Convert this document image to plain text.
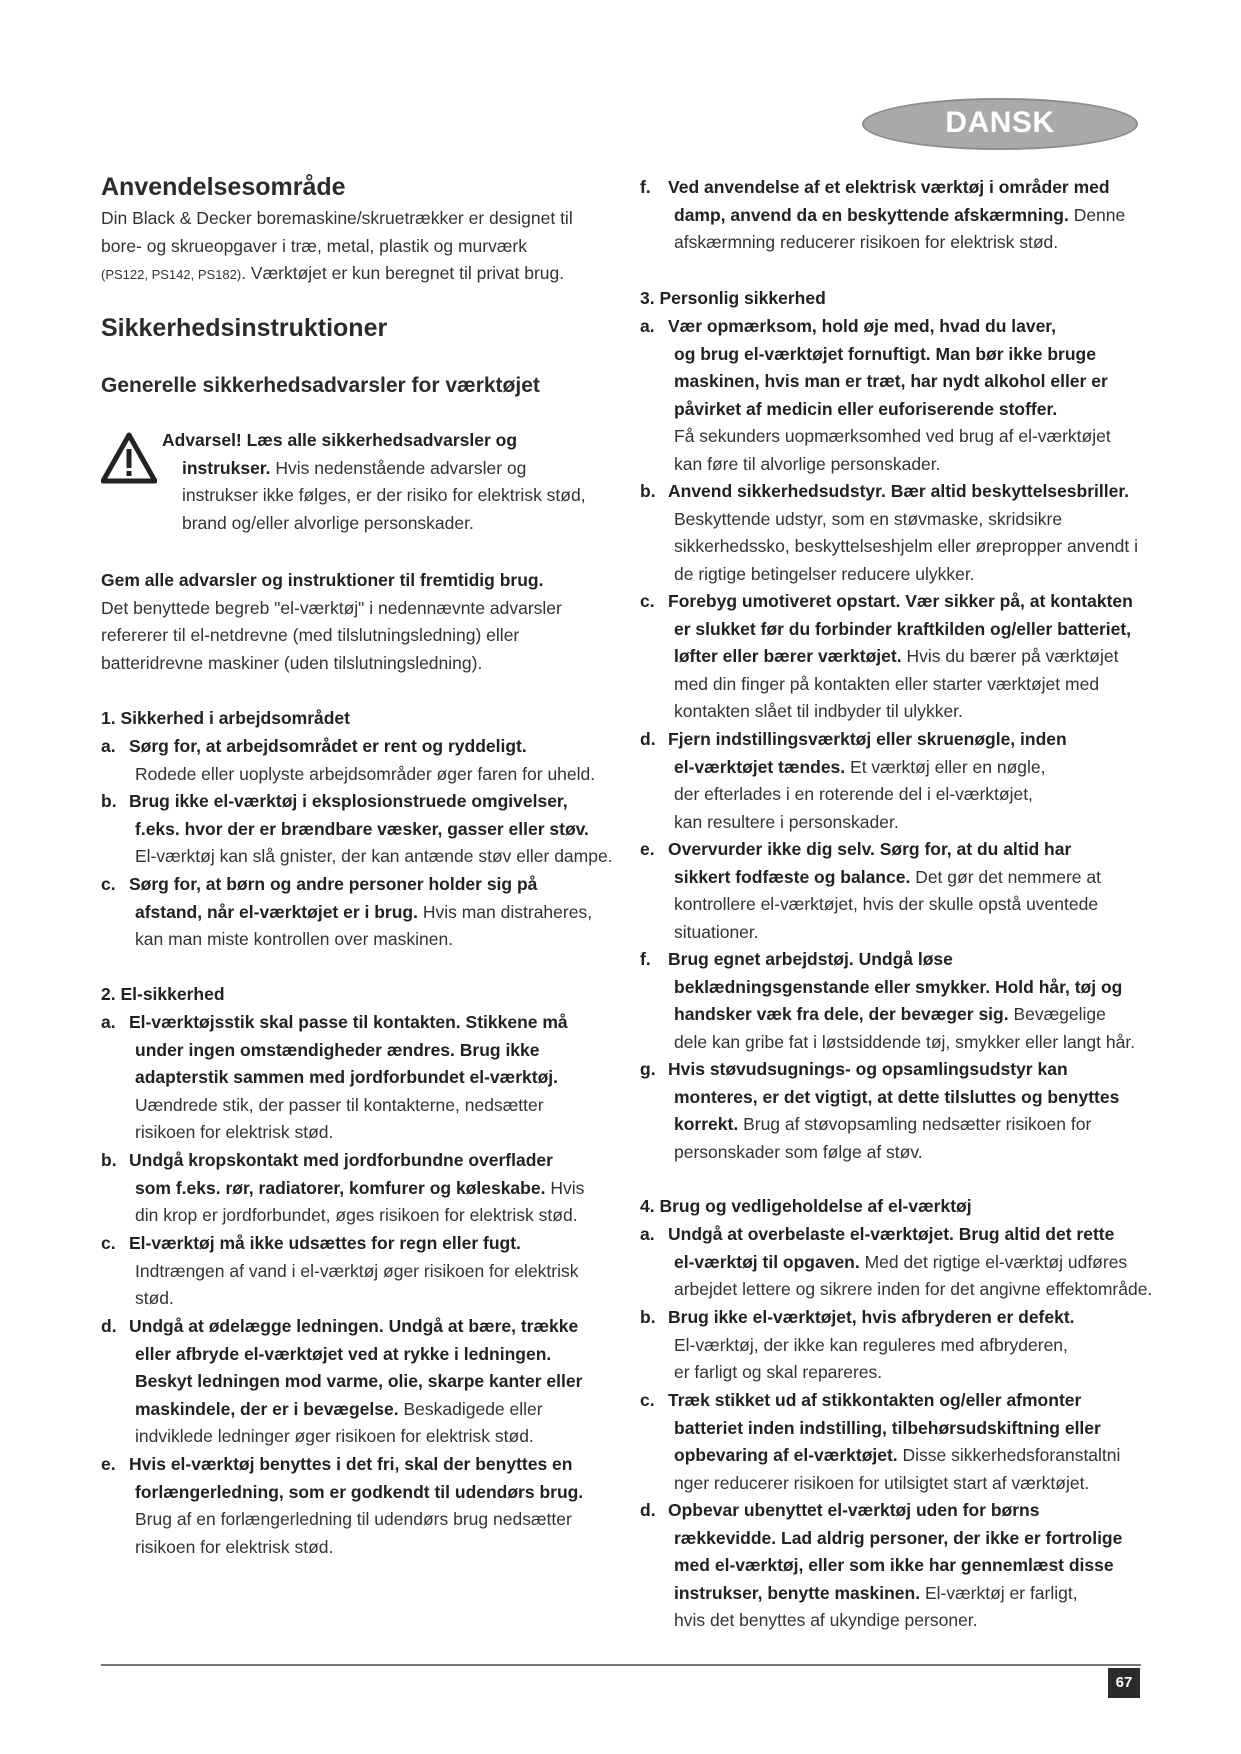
DANSK
Anvendelsesområde
Din Black & Decker boremaskine/skruetrækker er designet til
bore- og skrueopgaver i træ, metal, plastik og murværk
(PS122, PS142, PS182). Værktøjet er kun beregnet til privat brug.
Sikkerhedsinstruktioner
Generelle sikkerhedsadvarsler for værktøjet
Advarsel! Læs alle sikkerhedsadvarsler og
instrukser. Hvis nedenstående advarsler og
instrukser ikke følges, er der risiko for elektrisk stød,
brand og/eller alvorlige personskader.
Gem alle advarsler og instruktioner til fremtidig brug.
Det benyttede begreb "el-værktøj" i nedennævnte advarsler
refererer til el-netdrevne (med tilslutningsledning) eller
batteridrevne maskiner (uden tilslutningsledning).
1. Sikkerhed i arbejdsområdet
a. Sørg for, at arbejdsområdet er rent og ryddeligt.
Rodede eller uoplyste arbejdsområder øger faren for uheld.
b. Brug ikke el-værktøj i eksplosionstruede omgivelser,
f.eks. hvor der er brændbare væsker, gasser eller støv.
El-værktøj kan slå gnister, der kan antænde støv eller dampe.
c. Sørg for, at børn og andre personer holder sig på
afstand, når el-værktøjet er i brug. Hvis man distraheres,
kan man miste kontrollen over maskinen.
2. El-sikkerhed
a. El-værktøjsstik skal passe til kontakten. Stikkene må
under ingen omstændigheder ændres. Brug ikke
adapterstik sammen med jordforbundet el-værktøj.
Uændrede stik, der passer til kontakterne, nedsætter
risikoen for elektrisk stød.
b. Undgå kropskontakt med jordforbundne overflader
som f.eks. rør, radiatorer, komfurer og køleskabe. Hvis
din krop er jordforbundet, øges risikoen for elektrisk stød.
c. El-værktøj må ikke udsættes for regn eller fugt.
Indtrængen af vand i el-værktøj øger risikoen for elektrisk
stød.
d. Undgå at ødelægge ledningen. Undgå at bære, trække
eller afbryde el-værktøjet ved at rykke i ledningen.
Beskyt ledningen mod varme, olie, skarpe kanter eller
maskindele, der er i bevægelse. Beskadigede eller
indviklede ledninger øger risikoen for elektrisk stød.
e. Hvis el-værktøj benyttes i det fri, skal der benyttes en
forlængerledning, som er godkendt til udendørs brug.
Brug af en forlængerledning til udendørs brug nedsætter
risikoen for elektrisk stød.
f. Ved anvendelse af et elektrisk værktøj i områder med
damp, anvend da en beskyttende afskærmning. Denne
afskærmning reducerer risikoen for elektrisk stød.
3. Personlig sikkerhed
a. Vær opmærksom, hold øje med, hvad du laver,
og brug el-værktøjet fornuftigt. Man bør ikke bruge
maskinen, hvis man er træt, har nydt alkohol eller er
påvirket af medicin eller euforiserende stoffer.
Få sekunders uopmærksomhed ved brug af el-værktøjet
kan føre til alvorlige personskader.
b. Anvend sikkerhedsudstyr. Bær altid beskyttelsesbriller.
Beskyttende udstyr, som en støvmaske, skridsikre
sikkerhedssko, beskyttelseshjelm eller ørepropper anvendt i
de rigtige betingelser reducere ulykker.
c. Forebyg umotiveret opstart. Vær sikker på, at kontakten
er slukket før du forbinder kraftkilden og/eller batteriet,
løfter eller bærer værktøjet. Hvis du bærer på værktøjet
med din finger på kontakten eller starter værktøjet med
kontakten slået til indbyder til ulykker.
d. Fjern indstillingsværktøj eller skruenøgle, inden
el-værktøjet tændes. Et værktøj eller en nøgle,
der efterlades i en roterende del i el-værktøjet,
kan resultere i personskader.
e. Overvurder ikke dig selv. Sørg for, at du altid har
sikkert fodfæste og balance. Det gør det nemmere at
kontrollere el-værktøjet, hvis der skulle opstå uventede
situationer.
f. Brug egnet arbejdstøj. Undgå løse
beklædningsgenstande eller smykker. Hold hår, tøj og
handsker væk fra dele, der bevæger sig. Bevægelige
dele kan gribe fat i løstsiddende tøj, smykker eller langt hår.
g. Hvis støvudsugnings- og opsamlingsudstyr kan
monteres, er det vigtigt, at dette tilsluttes og benyttes
korrekt. Brug af støvopsamling nedsætter risikoen for
personskader som følge af støv.
4. Brug og vedligeholdelse af el-værktøj
a. Undgå at overbelaste el-værktøjet. Brug altid det rette
el-værktøj til opgaven. Med det rigtige el-værktøj udføres
arbejdet lettere og sikrere inden for det angivne effektområde.
b. Brug ikke el-værktøjet, hvis afbryderen er defekt.
El-værktøj, der ikke kan reguleres med afbryderen,
er farligt og skal repareres.
c. Træk stikket ud af stikkontakten og/eller afmonter
batteriet inden indstilling, tilbehørsudskiftning eller
opbevaring af el-værktøjet. Disse sikkerhedsforanstaltni
nger reducerer risikoen for utilsigtet start af værktøjet.
d. Opbevar ubenyttet el-værktøj uden for børns
rækkevidde. Lad aldrig personer, der ikke er fortrolige
med el-værktøj, eller som ikke har gennemlæst disse
instrukser, benytte maskinen. El-værktøj er farligt,
hvis det benyttes af ukyndige personer.
67
